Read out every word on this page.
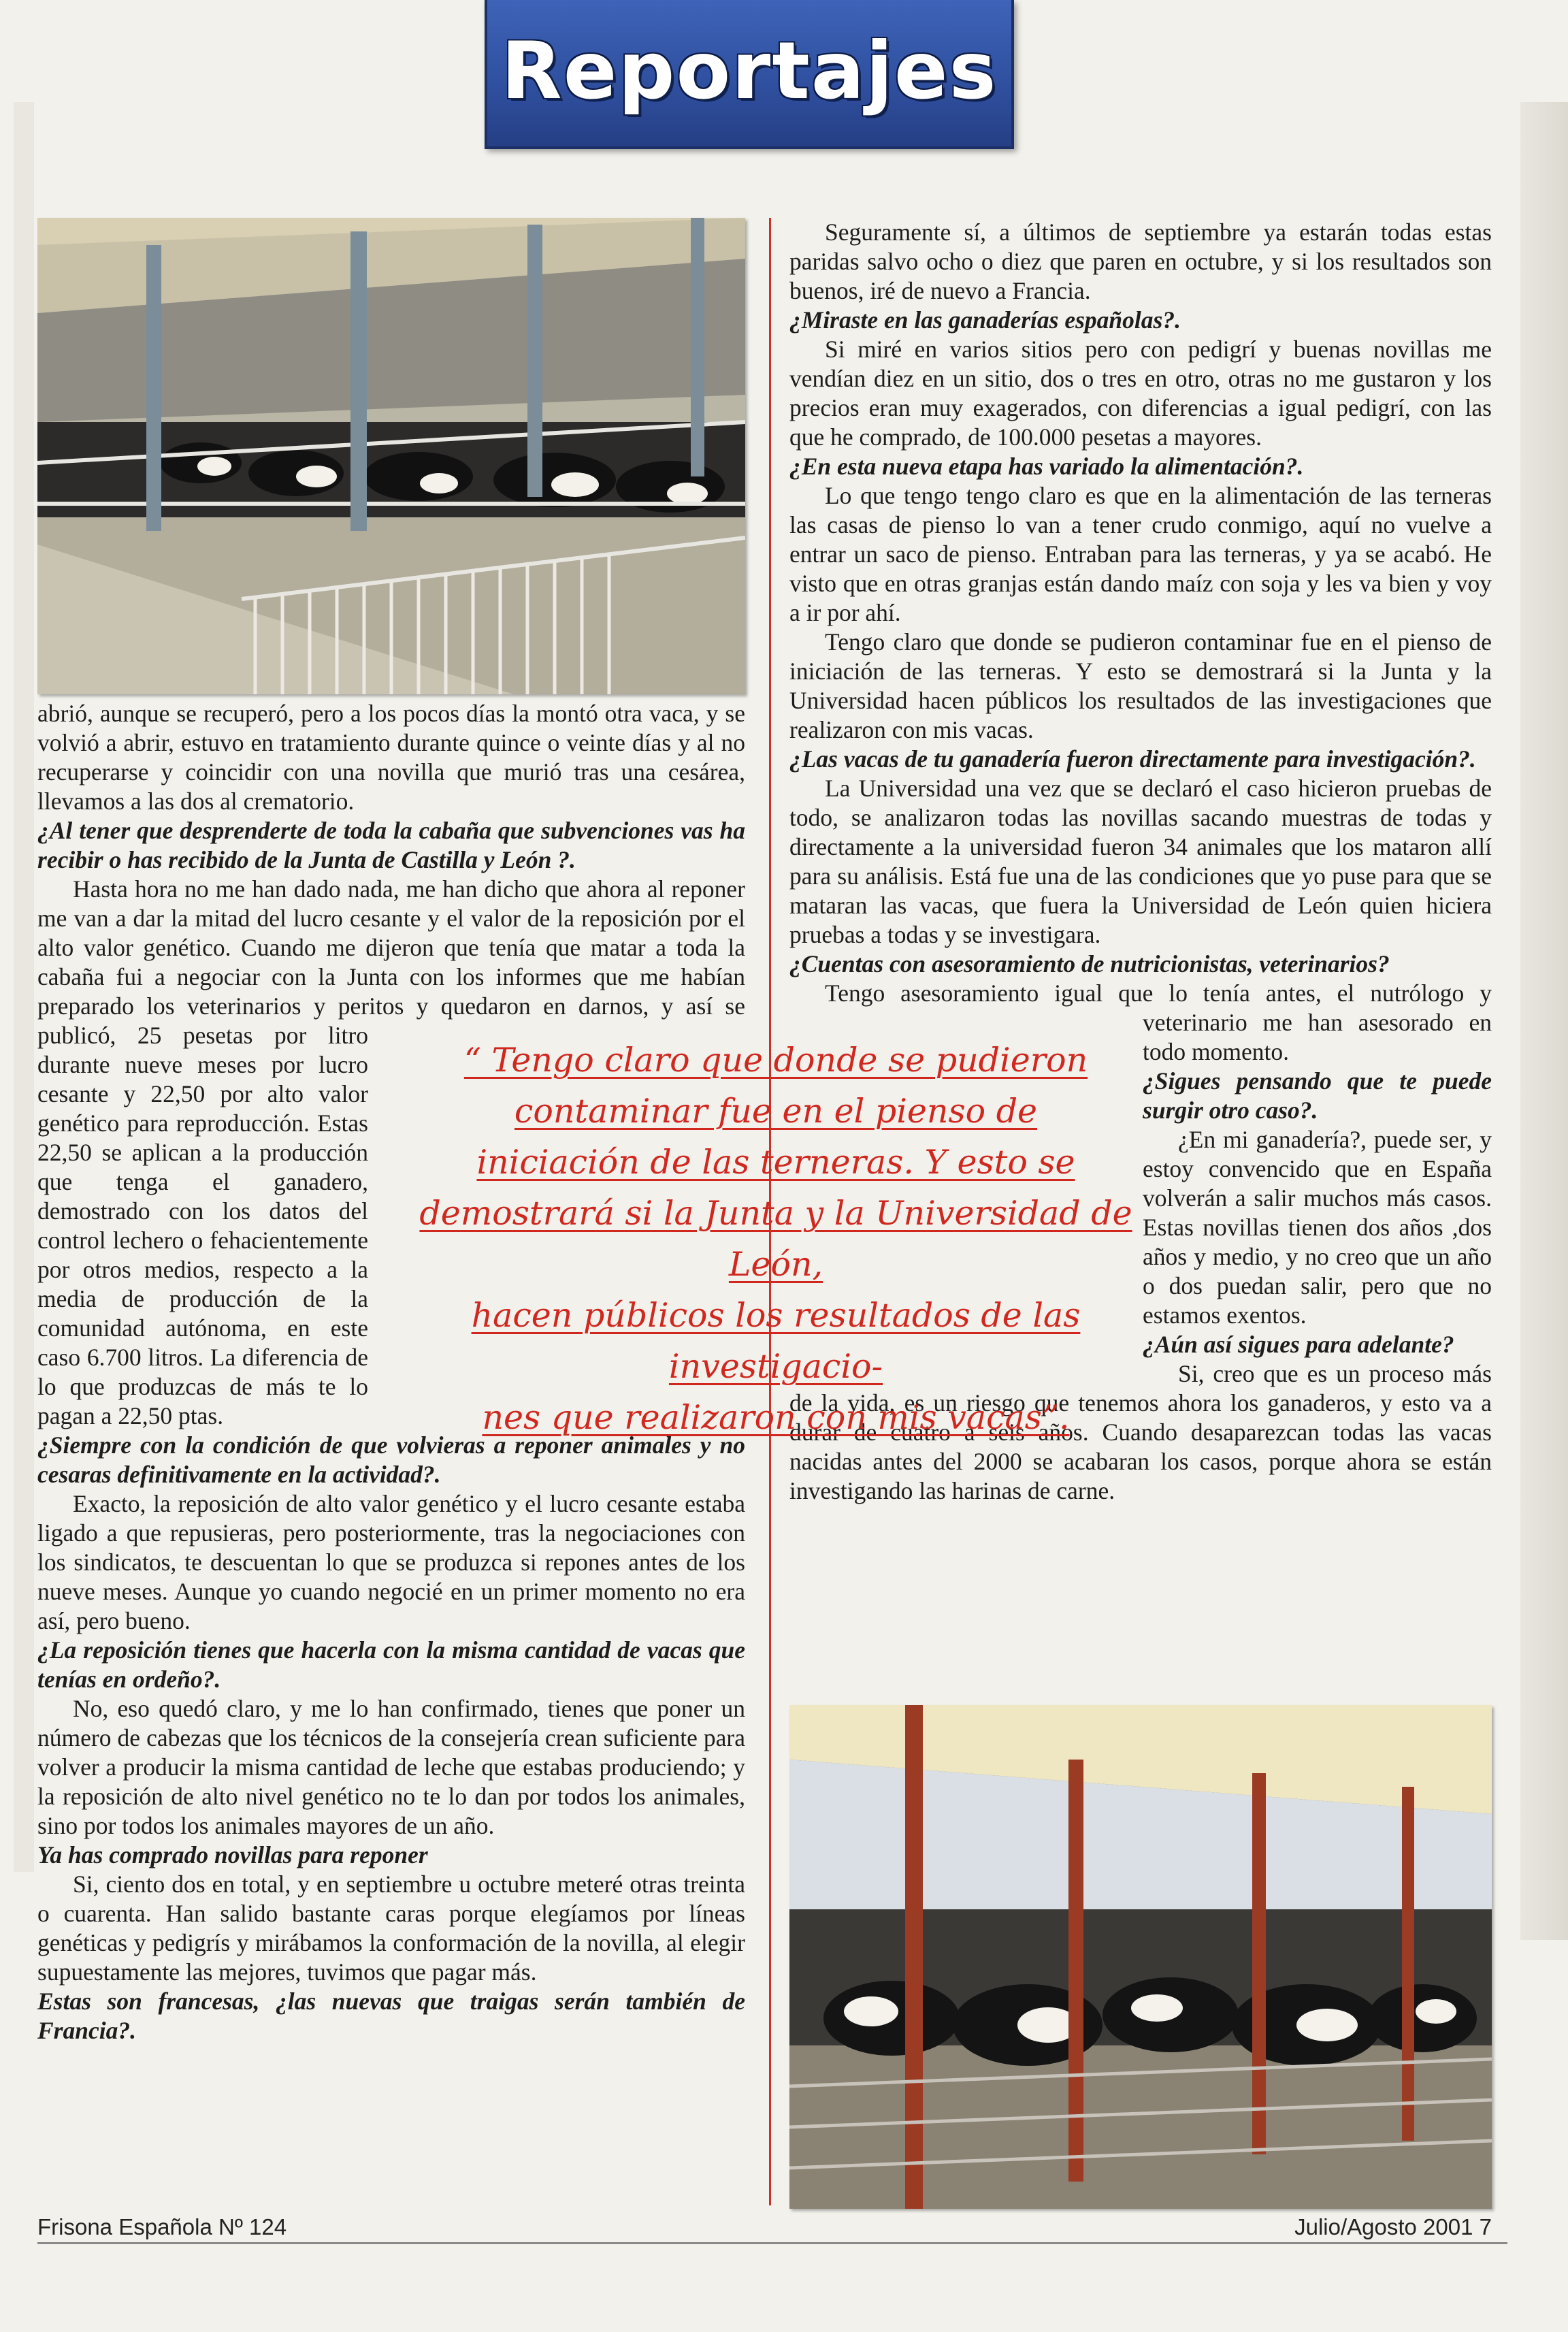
Reportajes

abrió, aunque se recuperó, pero a los pocos días la montó otra vaca, y se volvió a abrir, estuvo en tratamiento durante quince o veinte días y al no recuperarse y coincidir con una novilla que murió tras una cesárea, llevamos a las dos al crematorio.

¿Al tener que desprenderte de toda la cabaña que subvenciones vas ha recibir o has recibido de la Junta de Castilla y León ?.

Hasta hora no me han dado nada, me han dicho que ahora al reponer me van a dar la mitad del lucro cesante y el valor de la reposición por el alto valor genético. Cuando me dijeron que tenía que matar a toda la cabaña fui a negociar con la Junta con los informes que me habían preparado los veterinarios y peritos y quedaron en darnos, y así se publicó, 25 pesetas por litro durante nueve meses por lucro cesante y 22,50 por alto valor genético para reproducción. Estas 22,50 se aplican a la producción que tenga el ganadero, demostrado con los datos del control lechero o fehacientemente por otros medios, respecto a la media de producción de la comunidad autónoma, en este caso 6.700 litros. La diferencia de lo que produzcas de más te lo pagan a 22,50 ptas.

¿Siempre con la condición de que volvieras a reponer animales y no cesaras definitivamente en la actividad?.

Exacto, la reposición de alto valor genético y el lucro cesante estaba ligado a que repusieras, pero posteriormente, tras la negociaciones con los sindicatos, te descuentan lo que se produzca si repones antes de los nueve meses. Aunque yo cuando negocié en un primer momento no era así, pero bueno.

¿La reposición tienes que hacerla con la misma cantidad de vacas que tenías en ordeño?.

No, eso quedó claro, y me lo han confirmado, tienes que poner un número de cabezas que los técnicos de la consejería crean suficiente para volver a producir la misma cantidad de leche que estabas produciendo; y la reposición de alto nivel genético no te lo dan por todos los animales, sino por todos los animales mayores de un año.

Ya has comprado novillas para reponer

Si, ciento dos en total, y en septiembre u octubre meteré otras treinta o cuarenta. Han salido bastante caras porque elegíamos por líneas genéticas y pedigrís y mirábamos la conformación de la novilla, al elegir supuestamente las mejores, tuvimos que pagar más.

Estas son francesas, ¿las nuevas que traigas serán también de Francia?.

Seguramente sí, a últimos de septiembre ya estarán todas estas paridas salvo ocho o diez que paren en octubre, y si los resultados son buenos, iré de nuevo a Francia.

¿Miraste en las ganaderías españolas?.

Si miré en varios sitios pero con pedigrí y buenas novillas me vendían diez en un sitio, dos o tres en otro, otras no me gustaron y los precios eran muy exagerados, con diferencias a igual pedigrí, con las que he comprado, de 100.000 pesetas a mayores.

¿En esta nueva etapa has variado la alimentación?.

Lo que tengo tengo claro es que en la alimentación de las terneras las casas de pienso lo van a tener crudo conmigo, aquí no vuelve a entrar un saco de pienso. Entraban para las terneras, y ya se acabó. He visto que en otras granjas están dando maíz con soja y les va bien y voy a ir por ahí.

Tengo claro que donde se pudieron contaminar fue en el pienso de iniciación de las terneras. Y esto se demostrará si la Junta y la Universidad hacen públicos los resultados de las investigaciones que realizaron con mis vacas.

¿Las vacas de tu ganadería fueron directamente para investigación?.

La Universidad una vez que se declaró el caso hicieron pruebas de todo, se analizaron todas las novillas sacando muestras de todas y directamente a la universidad fueron 34 animales que los mataron allí para su análisis. Está fue una de las condiciones que yo puse para que se mataran las vacas, que fuera la Universidad de León quien hiciera pruebas a todas y se investigara.

¿Cuentas con asesoramiento de nutricionistas, veterinarios?

Tengo asesoramiento igual que lo tenía antes, el nutrólogo y veterinario me han asesorado en todo momento.

¿Sigues pensando que te puede surgir otro caso?.

¿En mi ganadería?, puede ser, y estoy convencido que en España volverán a salir muchos más casos. Estas novillas tienen dos años ,dos años y medio, y no creo que un año o dos puedan salir, pero que no estamos exentos.

¿Aún así sigues para adelante?

Si, creo que es un proceso más de la vida, es un riesgo que tenemos ahora los ganaderos, y esto va a durar de cuatro a seis años. Cuando desaparezcan todas las vacas nacidas antes del 2000 se acabaran los casos, porque ahora se están investigando las harinas de carne.

“ Tengo claro que donde se pudieron
contaminar fue en el pienso de
iniciación de las terneras. Y esto se
demostrará si la Junta y la Universidad de León,
hacen públicos los resultados de las investigacio-
nes que realizaron con mis vacas”.
Frisona Española Nº 124	Julio/Agosto 2001 7
